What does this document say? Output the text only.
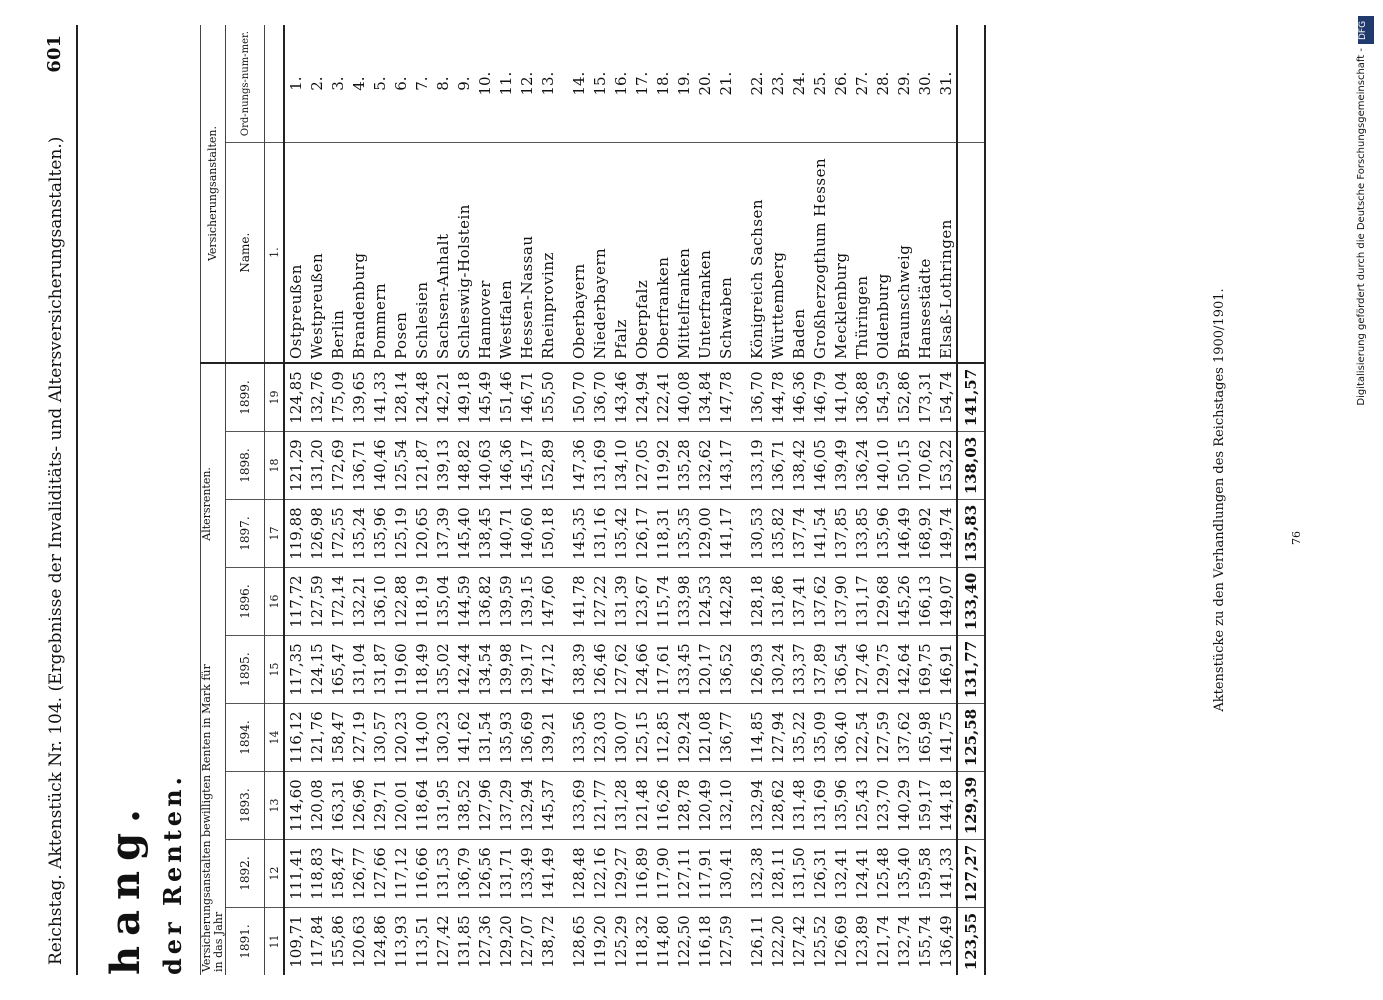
Reichstag. Aktenstück Nr. 104. (Ergebnisse der Invaliditäts- und Altersversicherungsanstalten.)
601
hang. der Renten. Versicherungsanstalten bewilligten Renten in Mark für Altersrenten.
in das Jahr									Versicherungsanstalten.	
1891.	1892.	1893.	1894.	1895.	1896.	1897.	1898.	1899.	Name.	Ord-nungs-num-mer.
11	12	13	14	15	16	17	18	19	1.	
109,71	111,41	114,60	116,12	117,35	117,72	119,88	121,29	124,85	Ostpreußen	1.
117,84	118,83	120,08	121,76	124,15	127,59	126,98	131,20	132,76	Westpreußen	2.
155,86	158,47	163,31	158,47	165,47	172,14	172,55	172,69	175,09	Berlin	3.
120,63	126,77	126,96	127,19	131,04	132,21	135,24	136,71	139,65	Brandenburg	4.
124,86	127,66	129,71	130,57	131,87	136,10	135,96	140,46	141,33	Pommern	5.
113,93	117,12	120,01	120,23	119,60	122,88	125,19	125,54	128,14	Posen	6.
113,51	116,66	118,64	114,00	118,49	118,19	120,65	121,87	124,48	Schlesien	7.
127,42	131,53	131,95	130,23	135,02	135,04	137,39	139,13	142,21	Sachsen-Anhalt	8.
131,85	136,79	138,52	141,62	142,44	144,59	145,40	148,82	149,18	Schleswig-Holstein	9.
127,36	126,56	127,96	131,54	134,54	136,82	138,45	140,63	145,49	Hannover	10.
129,20	131,71	137,29	135,93	139,98	139,59	140,71	146,36	151,46	Westfalen	11.
127,07	133,49	132,94	136,69	139,17	139,15	140,60	145,17	146,71	Hessen-Nassau	12.
138,72	141,49	145,37	139,21	147,12	147,60	150,18	152,89	155,50	Rheinprovinz	13.

128,65	128,48	133,69	133,56	138,39	141,78	145,35	147,36	150,70	Oberbayern	14.
119,20	122,16	121,77	123,03	126,46	127,22	131,16	131,69	136,70	Niederbayern	15.
125,29	129,27	131,28	130,07	127,62	131,39	135,42	134,10	143,46	Pfalz	16.
118,32	116,89	121,48	125,15	124,66	123,67	126,17	127,05	124,94	Oberpfalz	17.
114,80	117,90	116,26	112,85	117,61	115,74	118,31	119,92	122,41	Oberfranken	18.
122,50	127,11	128,78	129,24	133,45	133,98	135,35	135,28	140,08	Mittelfranken	19.
116,18	117,91	120,49	121,08	120,17	124,53	129,00	132,62	134,84	Unterfranken	20.
127,59	130,41	132,10	136,77	136,52	142,28	141,17	143,17	147,78	Schwaben	21.

126,11	132,38	132,94	114,85	126,93	128,18	130,53	133,19	136,70	Königreich Sachsen	22.
122,20	128,11	128,62	127,94	130,24	131,86	135,82	136,71	144,78	Württemberg	23.
127,42	131,50	131,48	135,22	133,37	137,41	137,74	138,42	146,36	Baden	24.
125,52	126,31	131,69	135,09	137,89	137,62	141,54	146,05	146,79	Großherzogthum Hessen	25.
126,69	132,41	135,96	136,40	136,54	137,90	137,85	139,49	141,04	Mecklenburg	26.
123,89	124,41	125,43	122,54	127,46	131,17	133,85	136,24	136,88	Thüringen	27.
121,74	125,48	123,70	127,59	129,75	129,68	135,96	140,10	154,59	Oldenburg	28.
132,74	135,40	140,29	137,62	142,64	145,26	146,49	150,15	152,86	Braunschweig	29.
155,74	159,58	159,17	165,98	169,75	166,13	168,92	170,62	173,31	Hansestädte	30.
136,49	141,33	144,18	141,75	146,91	149,07	149,74	153,22	154,74	Elsaß-Lothringen	31.
123,55	127,27	129,39	125,58	131,77	133,40	135,83	138,03	141,57			Aktenstücke zu den Verhandlungen des Reichstages 1900/1901.	76
DFG
Digitalisierung gefördert durch die Deutsche Forschungsgemeinschaft -
